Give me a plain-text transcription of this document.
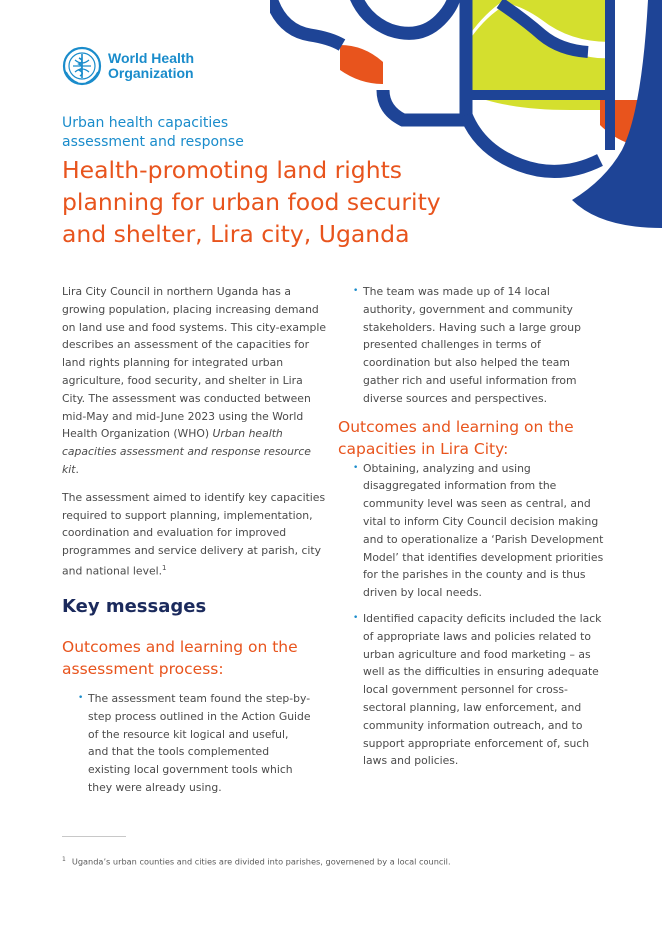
World Health
Organization
Urban health capacities
assessment and response
Health-promoting land rights
planning for urban food security
and shelter, Lira city, Uganda

Lira City Council in northern Uganda has a growing population, placing increasing demand on land use and food systems. This city-example describes an assessment of the capacities for land rights planning for integrated urban agriculture, food security, and shelter in Lira City. The assessment was conducted between mid-May and mid-June 2023 using the World Health Organization (WHO) Urban health capacities assessment and response resource kit.

The assessment aimed to identify key capacities required to support planning, implementation, coordination and evaluation for improved programmes and service delivery at parish, city and national level.$^1$

Key messages
Outcomes and learning on the assessment process:
• The assessment team found the step-by-step process outlined in the Action Guide of the resource kit logical and useful, and that the tools complemented existing local government tools which they were already using.
• The team was made up of 14 local authority, government and community stakeholders. Having such a large group presented challenges in terms of coordination but also helped the team gather rich and useful information from diverse sources and perspectives.
Outcomes and learning on the capacities in Lira City:
• Obtaining, analyzing and using disaggregated information from the community level was seen as central, and vital to inform City Council decision making and to operationalize a ‘Parish Development Model’ that identifies development priorities for the parishes in the county and is thus driven by local needs.
• Identified capacity deficits included the lack of appropriate laws and policies related to urban agriculture and food marketing – as well as the difficulties in ensuring adequate local government personnel for cross-sectoral planning, law enforcement, and community information outreach, and to support appropriate enforcement of, such laws and policies.
$^1$ Uganda’s urban counties and cities are divided into parishes, governened by a local council.
